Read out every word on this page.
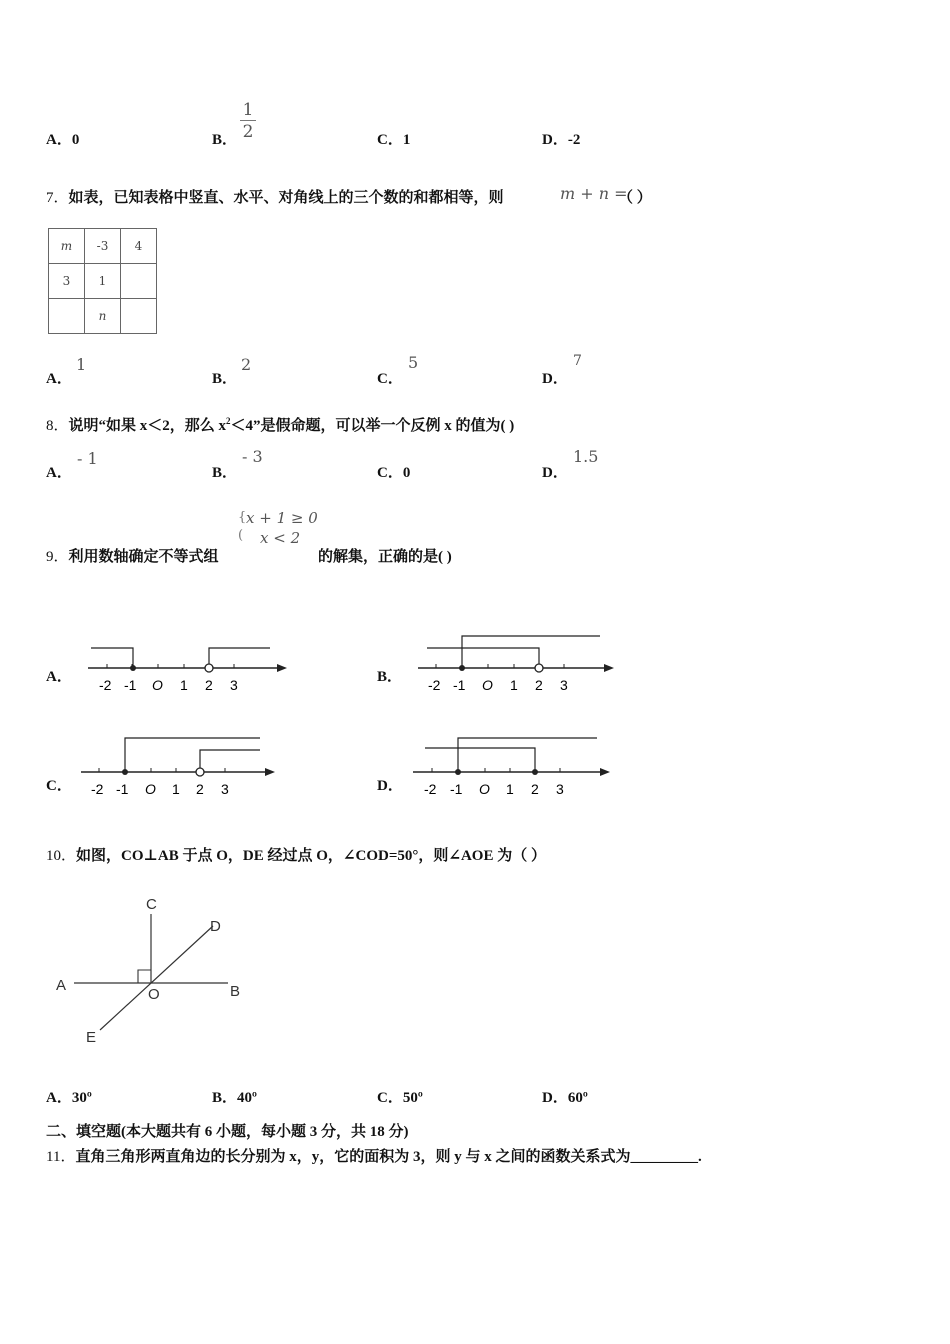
A．0	B．
1
2	C．1	D．-2
7．如表，已知表格中竖直、水平、对角线上的三个数的和都相等，则	m + n =
（ ）
m	-3	4
3	1	
	n	
A．
1
B．
2
C．
5
D．
7
8．说明“如果 x＜2，那么 $x^2<4$”是假命题，可以举一个反例 x 的值为( )
A．
- 1
B．
- 3
C．0	D．
1.5
9．利用数轴确定不等式组
{
(
x + 1 ≥ 0
x < 2
的解集，正确的是( )
A．	B．
C．	D．
-2 -1 O 1 2 3	-2 -1 O 1 2 3
-2 -1 O 1 2 3	-2 -1 O 1 2 3
10．如图，CO⊥AB 于点 O，DE 经过点 O，∠COD=50°，则∠AOE 为（ ）
A	B
C
D
E
O
A．30º	B．40º	C．50º	D．60º
二、填空题(本大题共有 6 小题，每小题 3 分，共 18 分)
11．直角三角形两直角边的长分别为 x，y，它的面积为 3，则 y 与 x 之间的函数关系式为_________.
